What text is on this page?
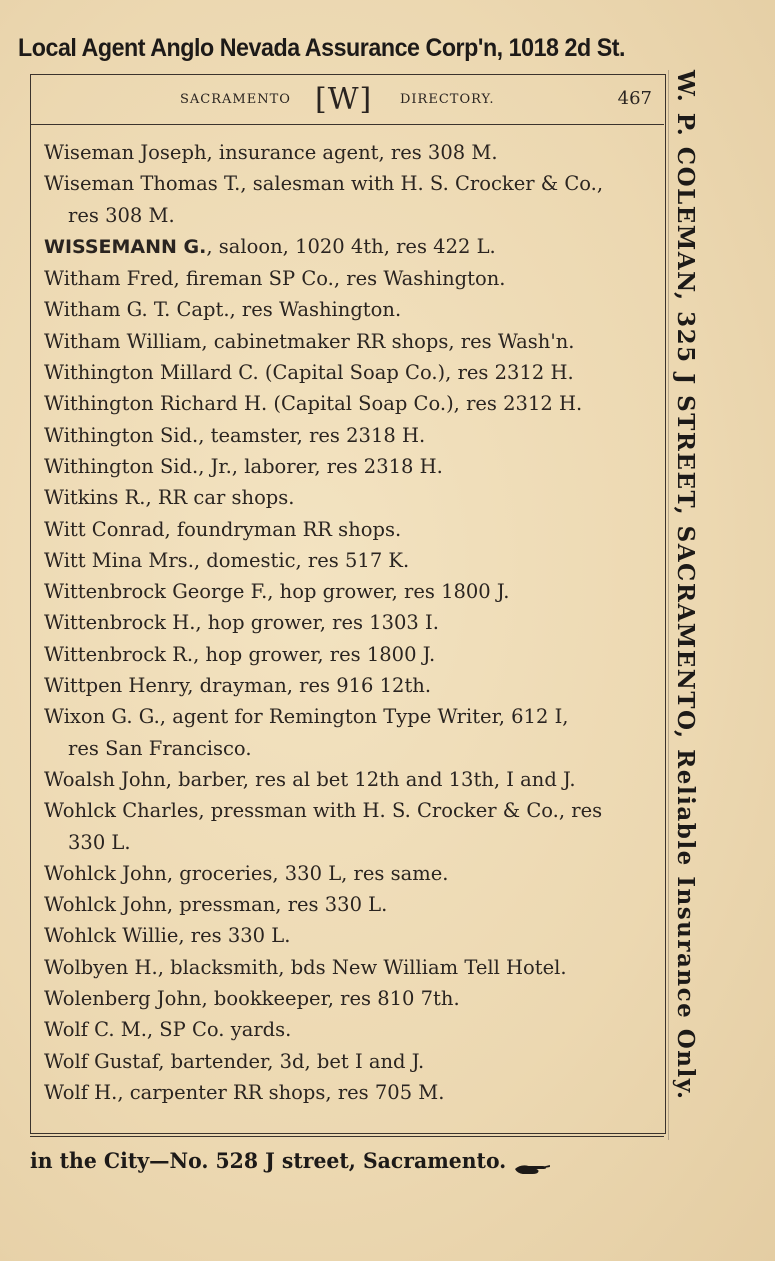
Local Agent Anglo Nevada Assurance Corp'n, 1018 2d St.
SACRAMENTO [W] DIRECTORY.	467
Wiseman Joseph, insurance agent, res 308 M.
Wiseman Thomas T., salesman with H. S. Crocker & Co.,
res 308 M.
WISSEMANN G., saloon, 1020 4th, res 422 L.
Witham Fred, fireman SP Co., res Washington.
Witham G. T. Capt., res Washington.
Witham William, cabinetmaker RR shops, res Wash'n.
Withington Millard C. (Capital Soap Co.), res 2312 H.
Withington Richard H. (Capital Soap Co.), res 2312 H.
Withington Sid., teamster, res 2318 H.
Withington Sid., Jr., laborer, res 2318 H.
Witkins R., RR car shops.
Witt Conrad, foundryman RR shops.
Witt Mina Mrs., domestic, res 517 K.
Wittenbrock George F., hop grower, res 1800 J.
Wittenbrock H., hop grower, res 1303 I.
Wittenbrock R., hop grower, res 1800 J.
Wittpen Henry, drayman, res 916 12th.
Wixon G. G., agent for Remington Type Writer, 612 I,
res San Francisco.
Woalsh John, barber, res al bet 12th and 13th, I and J.
Wohlck Charles, pressman with H. S. Crocker & Co., res
330 L.
Wohlck John, groceries, 330 L, res same.
Wohlck John, pressman, res 330 L.
Wohlck Willie, res 330 L.
Wolbyen H., blacksmith, bds New William Tell Hotel.
Wolenberg John, bookkeeper, res 810 7th.
Wolf C. M., SP Co. yards.
Wolf Gustaf, bartender, 3d, bet I and J.
Wolf H., carpenter RR shops, res 705 M.	W. P. COLEMAN, 325 J STREET, SACRAMENTO, Reliable Insurance Only.
in the City—No. 528 J street, Sacramento.
